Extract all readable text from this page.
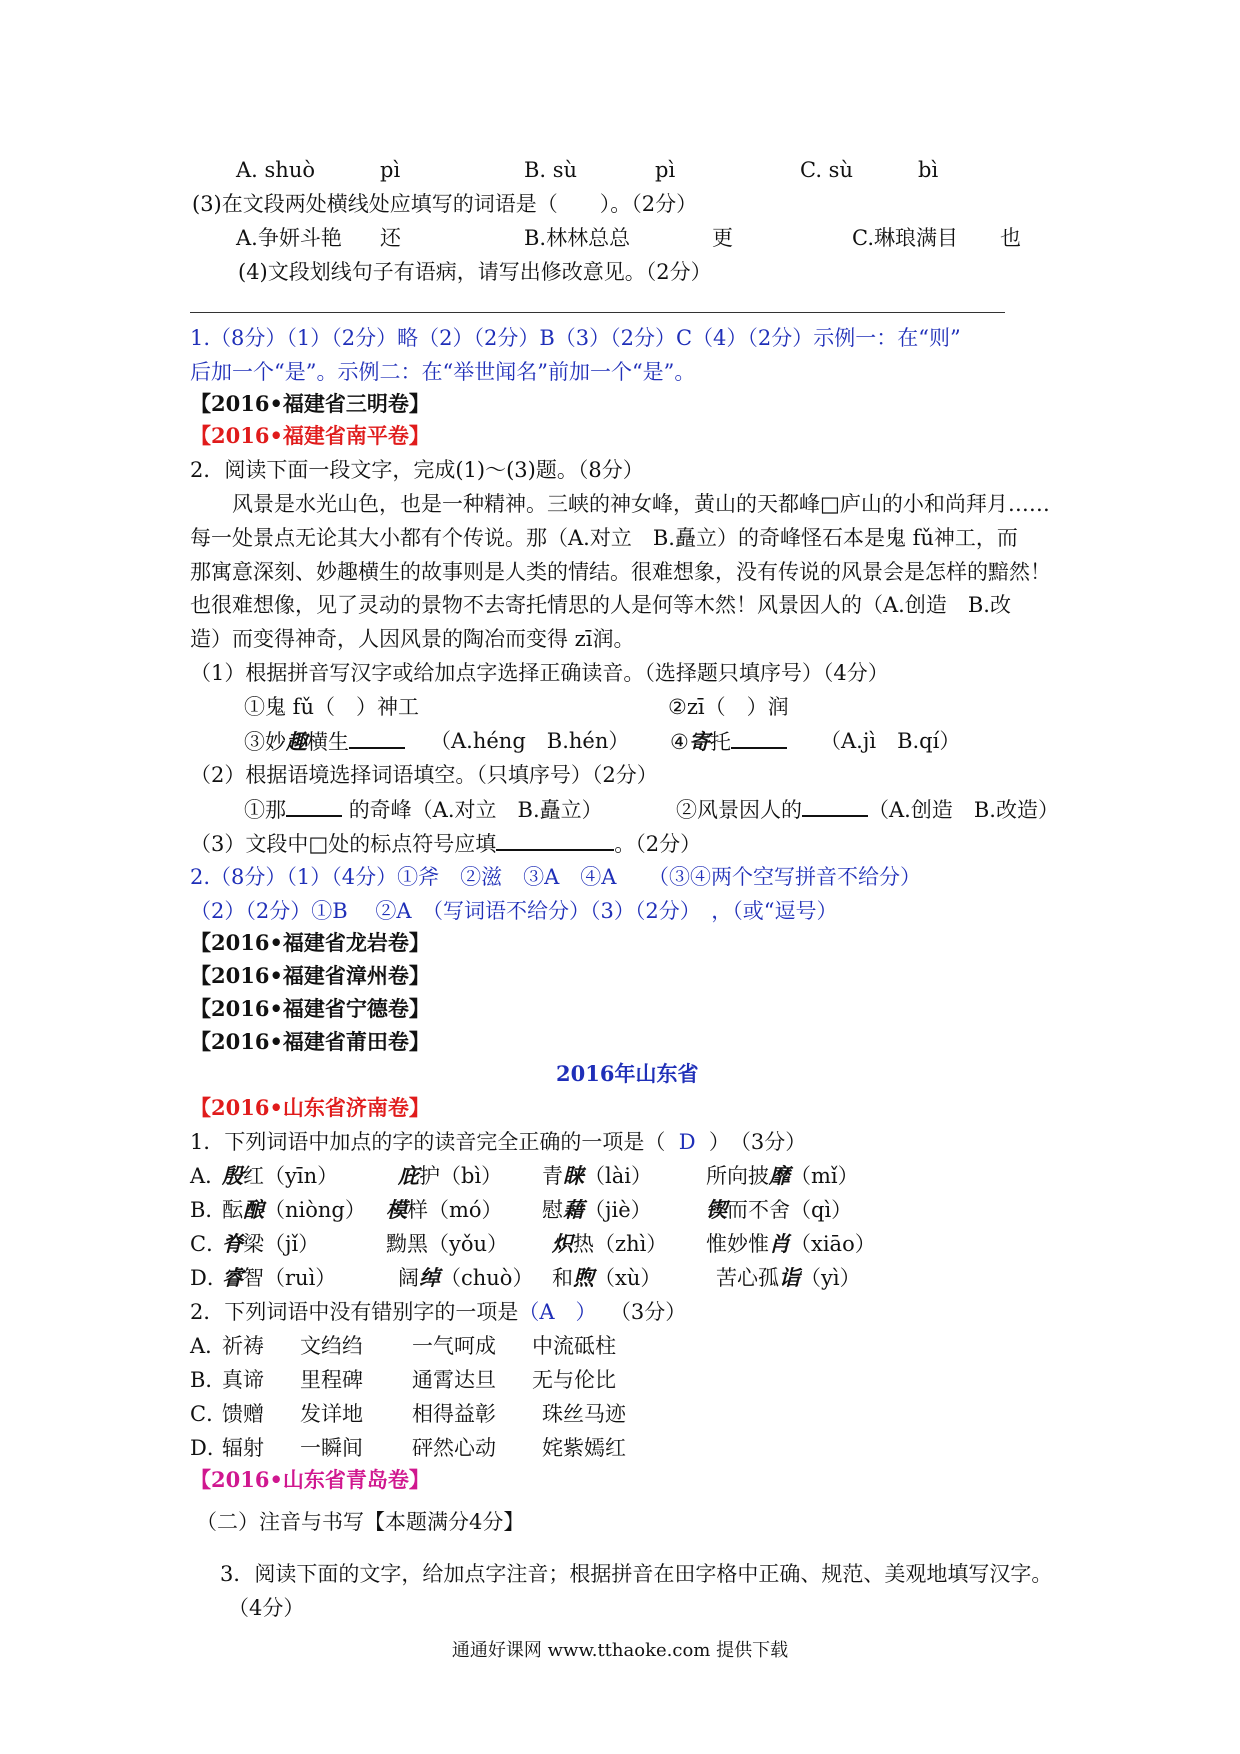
A. shuò	pì	B. sù	pì	C. sù	bì
(3)在文段两处横线处应填写的词语是（　　）。（2分）
A.争妍斗艳 还	B.林林总总	更	C.琳琅满目 也
(4)文段划线句子有语病，请写出修改意见。（2分）
1.（8分）（1）（2分）略（2）（2分）B（3）（2分）C（4）（2分）示例一：在“则”
后加一个“是”。示例二：在“举世闻名”前加一个“是”。
【2016•福建省三明卷】
【2016•福建省南平卷】
2．阅读下面一段文字，完成(1)～(3)题。（8分）
风景是水光山色，也是一种精神。三峡的神女峰，黄山的天都峰□庐山的小和尚拜月……
每一处景点无论其大小都有个传说。那（A.对立　B.矗立）的奇峰怪石本是鬼 fǔ神工，而
那寓意深刻、妙趣横生的故事则是人类的情结。很难想象，没有传说的风景会是怎样的黯然！
也很难想像，见了灵动的景物不去寄托情思的人是何等木然！风景因人的（A.创造　B.改
造）而变得神奇，人因风景的陶冶而变得 zī润。
（1）根据拼音写汉字或给加点字选择正确读音。（选择题只填序号）（4分）
①鬼 fǔ（　）神工	②zī（　）润
③妙趣横生	（A.héng　B.hén） ④寄托	（A.jì　B.qí）
（2）根据语境选择词语填空。（只填序号）（2分）
①那	的奇峰（A.对立　B.矗立）	②风景因人的	（A.创造　B.改造）
（3）文段中□处的标点符号应填	。（2分）
2.（8分）（1）（4分）①斧　②滋　③A　④A　　（③④两个空写拼音不给分）
（2）（2分）①B　 ②A　（写词语不给分）（3）（2分）　，（或“逗号）
【2016•福建省龙岩卷】
【2016•福建省漳州卷】
【2016•福建省宁德卷】
【2016•福建省莆田卷】
2016年山东省
【2016•山东省济南卷】
1．下列词语中加点的字的读音完全正确的一项是（ D ）　（3分）
A．
殷红（yīn）	庇护（bì） 青睐（lài）	所向披靡（mǐ）
B．
酝酿（niòng） 模样（mó） 慰藉（jiè）	锲而不舍（qì）
C．
脊梁（jǐ）	黝黑（yǒu） 炽热（zhì） 惟妙惟肖（xiāo）
D．
睿智（ruì）	阔绰（chuò） 和煦（xù）	苦心孤诣（yì）
2．下列词语中没有错别字的一项是（A　） （3分）
A．
祈祷 文绉绉 一气呵成 中流砥柱
B．
真谛 里程碑 通霄达旦 无与伦比
C．
馈赠 发详地 相得益彰 珠丝马迹
D．
辐射 一瞬间 砰然心动 姹紫嫣红
【2016•山东省青岛卷】
（二）注音与书写【本题满分4分】
3．阅读下面的文字，给加点字注音；根据拼音在田字格中正确、规范、美观地填写汉字。
（4分）
通通好课网 www.tthaoke.com 提供下载
